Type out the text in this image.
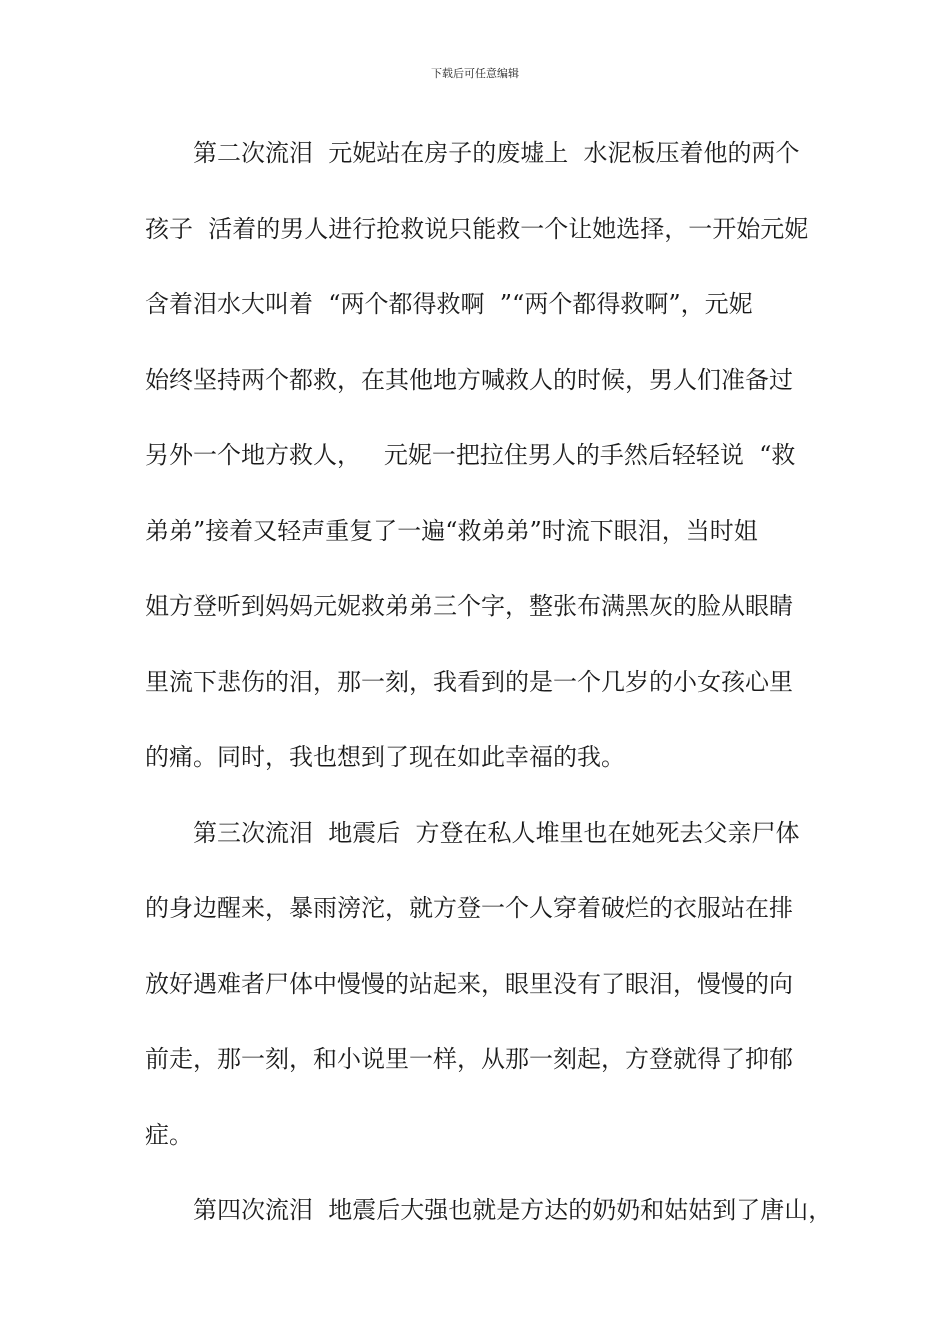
下载后可任意编辑
第二次流泪  元妮站在房子的废墟上  水泥板压着他的两个
孩子  活着的男人进行抢救说只能救一个让她选择，一开始元妮
含着泪水大叫着  “两个都得救啊  ”“两个都得救啊”，元妮
始终坚持两个都救，在其他地方喊救人的时候，男人们准备过
另外一个地方救人，   元妮一把拉住男人的手然后轻轻说  “救
弟弟”接着又轻声重复了一遍“救弟弟”时流下眼泪，当时姐
姐方登听到妈妈元妮救弟弟三个字，整张布满黑灰的脸从眼睛
里流下悲伤的泪，那一刻，我看到的是一个几岁的小女孩心里
的痛。同时，我也想到了现在如此幸福的我。
第三次流泪  地震后  方登在私人堆里也在她死去父亲尸体
的身边醒来，暴雨滂沱，就方登一个人穿着破烂的衣服站在排
放好遇难者尸体中慢慢的站起来，眼里没有了眼泪，慢慢的向
前走，那一刻，和小说里一样，从那一刻起，方登就得了抑郁
症。
第四次流泪  地震后大强也就是方达的奶奶和姑姑到了唐山，
